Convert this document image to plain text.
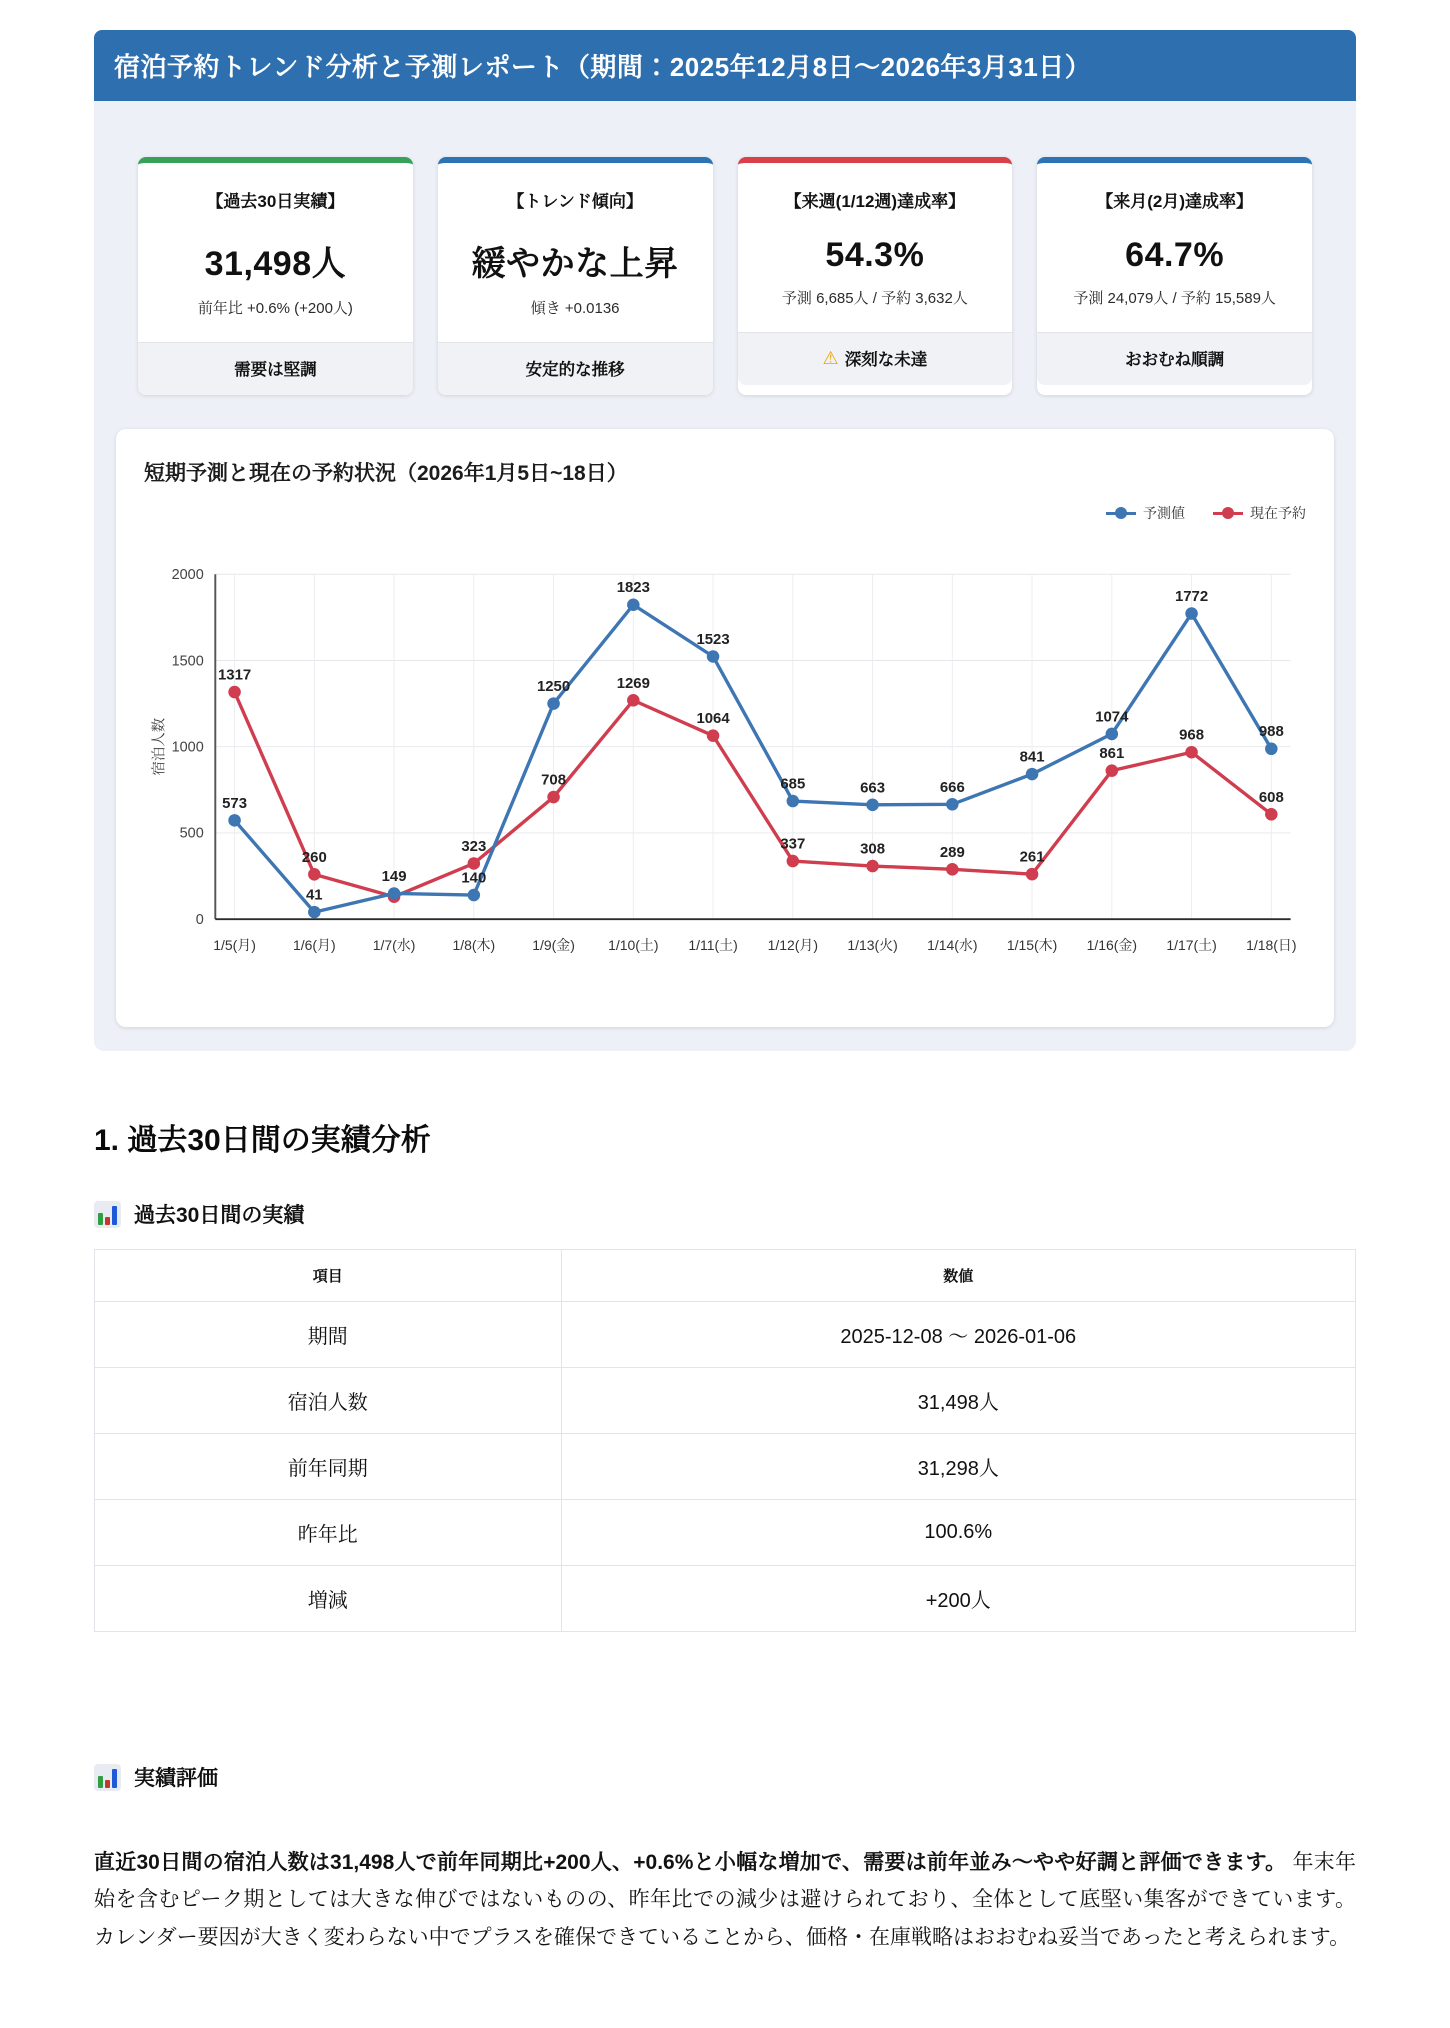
宿泊予約トレンド分析と予測レポート（期間：2025年12月8日〜2026年3月31日）
【過去30日実績】
31,498人
前年比 +0.6% (+200人)
需要は堅調
【トレンド傾向】
緩やかな上昇
傾き +0.0136
安定的な推移
【来週(1/12週)達成率】
54.3%
予測 6,685人 / 予約 3,632人
⚠ 深刻な未達
【来月(2月)達成率】
64.7%
予測 24,079人 / 予約 15,589人
おおむね順調
短期予測と現在の予約状況（2026年1月5日~18日）
予測値	現在予約
0
500
1000
1500
2000
1/5(月)	1/6(月)	1/7(水)	1/8(木)	1/9(金) 1/10(土) 1/11(土) 1/12(月) 1/13(火) 1/14(水) 1/15(木) 1/16(金) 1/17(土) 1/18(日)
宿泊人数
1317
260
323
708
1269
1064
337	308	289	261
861
968
608
573
41
149	140
1250
1823
1523
685	663	666
841
1074
1772
988
1. 過去30日間の実績分析
過去30日間の実績
項目	数値
期間	2025-12-08 〜 2026-01-06
宿泊人数	31,498人
前年同期	31,298人
昨年比	100.6%
増減	+200人
実績評価

直近30日間の宿泊人数は31,498人で前年同期比+200人、+0.6%と小幅な増加で、需要は前年並み〜やや好調と評価できます。 年末年始を含むピーク期としては大きな伸びではないものの、昨年比での減少は避けられており、全体として底堅い集客ができています。 カレンダー要因が大きく変わらない中でプラスを確保できていることから、価格・在庫戦略はおおむね妥当であったと考えられます。
